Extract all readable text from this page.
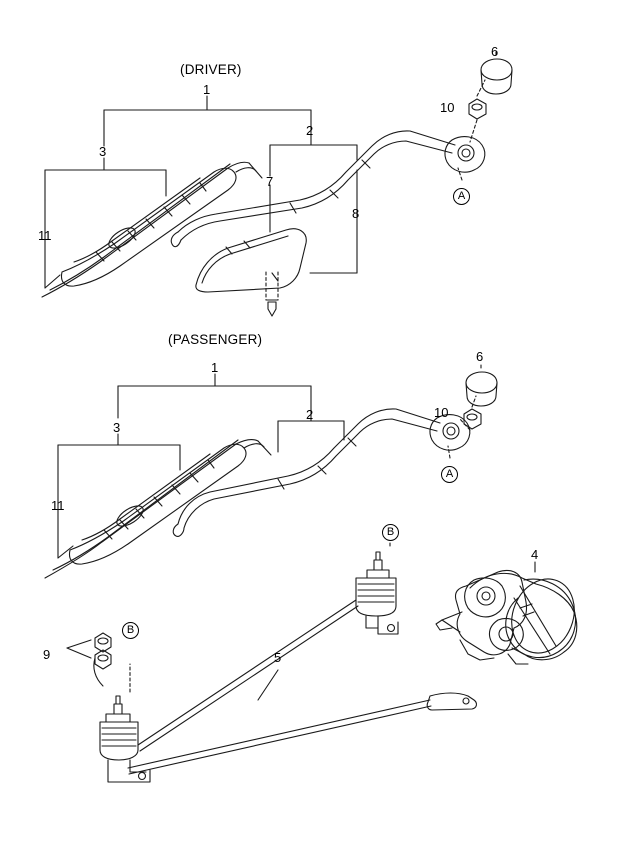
(DRIVER)
1
2
3
6
7
8
10
11
A
(PASSENGER)
1
2
3
6
10
11
A
4
5
9
B
B
